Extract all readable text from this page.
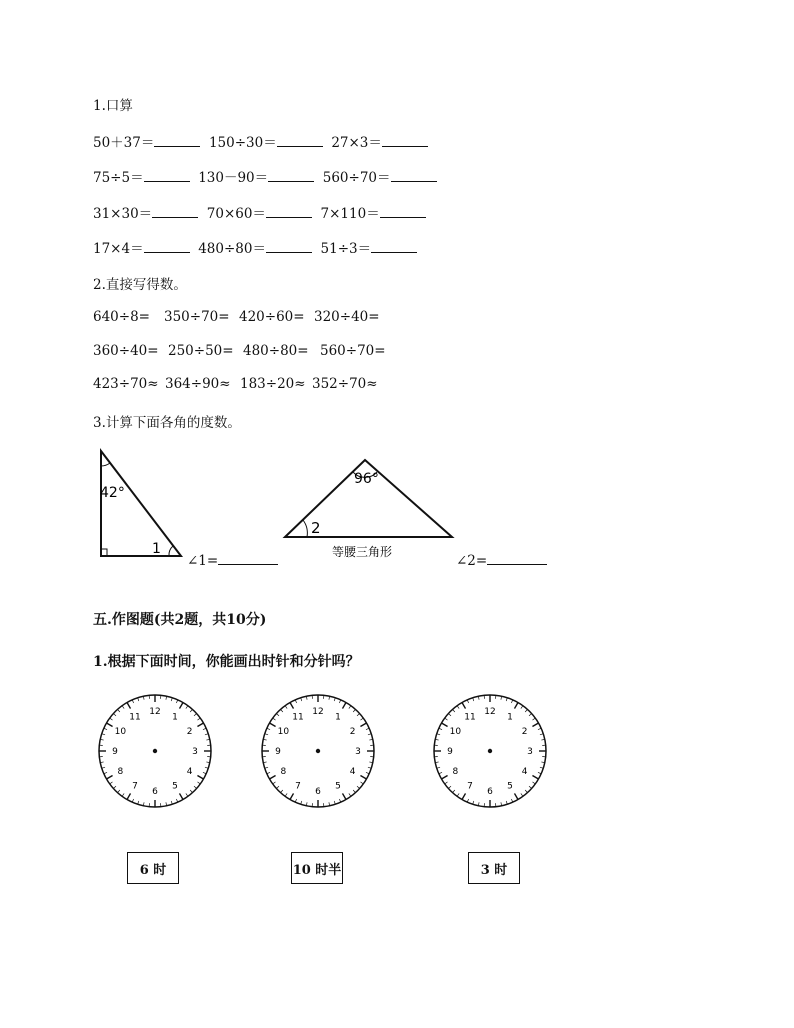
1.口算
50＋37＝	150÷30＝	27×3＝
75÷5＝	130－90＝	560÷70＝
31×30＝	70×60＝	7×110＝
17×4＝	480÷80＝	51÷3＝
2.直接写得数。
640÷8= 350÷70= 420÷60= 320÷40=
360÷40= 250÷50= 480÷80= 560÷70=
423÷70≈ 364÷90≈ 183÷20≈ 352÷70≈
3.计算下面各角的度数。
42°
1
∠1=
96°
2
等腰三角形
∠2=
五.作图题(共2题，共10分)
1.根据下面时间，你能画出时针和分针吗？
12
1
2
3
4
5
6
7
8
9
10
11
12
1
2
3
4
5
6
7
8
9
10
11
12
1
2
3
4
5
6
7
8
9
10
11
6 时	10 时半	3 时
